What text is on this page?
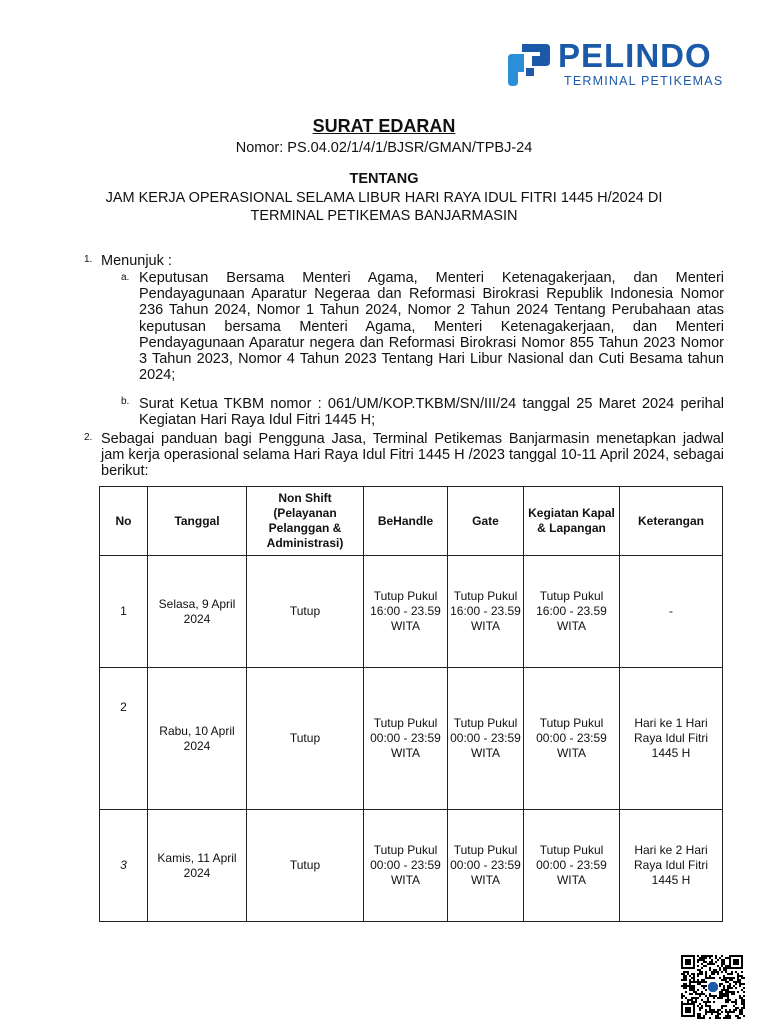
PELINDO
TERMINAL PETIKEMAS
SURAT EDARAN
Nomor: PS.04.02/1/4/1/BJSR/GMAN/TPBJ-24
TENTANG
JAM KERJA OPERASIONAL SELAMA LIBUR HARI RAYA IDUL FITRI 1445 H/2024 DI
TERMINAL PETIKEMAS BANJARMASIN
1. Menunjuk :
a. Keputusan Bersama Menteri Agama, Menteri Ketenagakerjaan, dan Menteri Pendayagunaan Aparatur Negeraa dan Reformasi Birokrasi Republik Indonesia Nomor 236 Tahun 2024, Nomor 1 Tahun 2024, Nomor 2 Tahun 2024 Tentang Perubahaan atas keputusan bersama Menteri Agama, Menteri Ketenagakerjaan, dan Menteri Pendayagunaan Aparatur negera dan Reformasi Birokrasi Nomor 855 Tahun 2023 Nomor 3 Tahun 2023, Nomor 4 Tahun 2023 Tentang Hari Libur Nasional dan Cuti Besama tahun 2024;
b. Surat Ketua TKBM nomor : 061/UM/KOP.TKBM/SN/III/24 tanggal 25 Maret 2024 perihal Kegiatan Hari Raya Idul Fitri 1445 H;
2. Sebagai panduan bagi Pengguna Jasa, Terminal Petikemas Banjarmasin menetapkan jadwal jam kerja operasional selama Hari Raya Idul Fitri 1445 H /2023 tanggal 10-11 April 2024, sebagai berikut:
No	Tanggal	Non Shift (Pelayanan Pelanggan & Administrasi)	BeHandle	Gate	Kegiatan Kapal & Lapangan	Keterangan
1	Selasa, 9 April 2024	Tutup	Tutup Pukul 16:00 - 23.59 WITA	Tutup Pukul 16:00 - 23.59 WITA	Tutup Pukul 16:00 - 23.59 WITA	-
2	Rabu, 10 April 2024	Tutup	Tutup Pukul 00:00 - 23:59 WITA	Tutup Pukul 00:00 - 23:59 WITA	Tutup Pukul 00:00 - 23:59 WITA	Hari ke 1 Hari Raya Idul Fitri 1445 H
3	Kamis, 11 April 2024	Tutup	Tutup Pukul 00:00 - 23:59 WITA	Tutup Pukul 00:00 - 23:59 WITA	Tutup Pukul 00:00 - 23:59 WITA	Hari ke 2 Hari Raya Idul Fitri 1445 H
